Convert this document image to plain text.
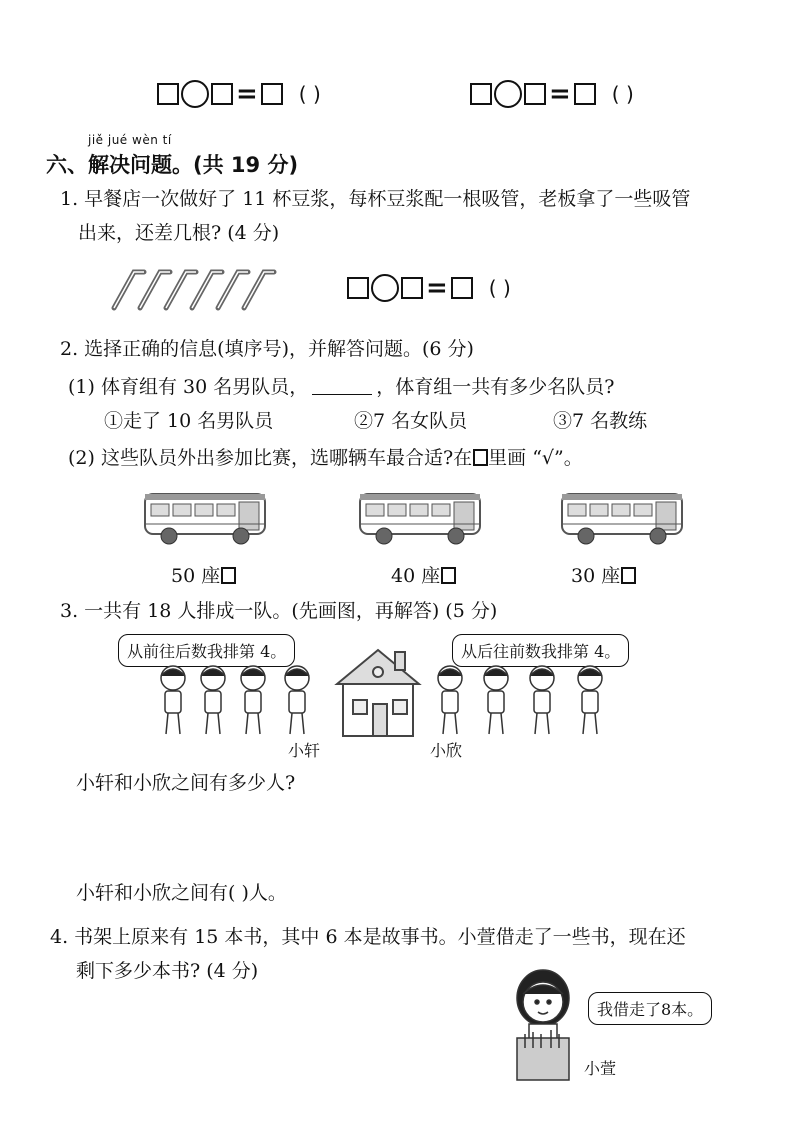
= ( )	= ( )
jiě jué wèn tí
六、解决问题。(共 19 分)
1. 早餐店一次做好了 11 杯豆浆，每杯豆浆配一根吸管，老板拿了一些吸管
出来，还差几根? (4 分)
= ( )
2. 选择正确的信息(填序号)，并解答问题。(6 分)
(1) 体育组有 30 名男队员，	，体育组一共有多少名队员?
①走了 10 名男队员	②7 名女队员	③7 名教练
(2) 这些队员外出参加比赛，选哪辆车最合适?在 里画 “√”。
50 座	40 座	30 座
3. 一共有 18 人排成一队。(先画图，再解答) (5 分)
从前往后数我排第 4。	从后往前数我排第 4。
小轩	小欣
小轩和小欣之间有多少人?
小轩和小欣之间有( )人。
4. 书架上原来有 15 本书，其中 6 本是故事书。小萱借走了一些书，现在还
剩下多少本书? (4 分)
我借走了8本。
小萱
